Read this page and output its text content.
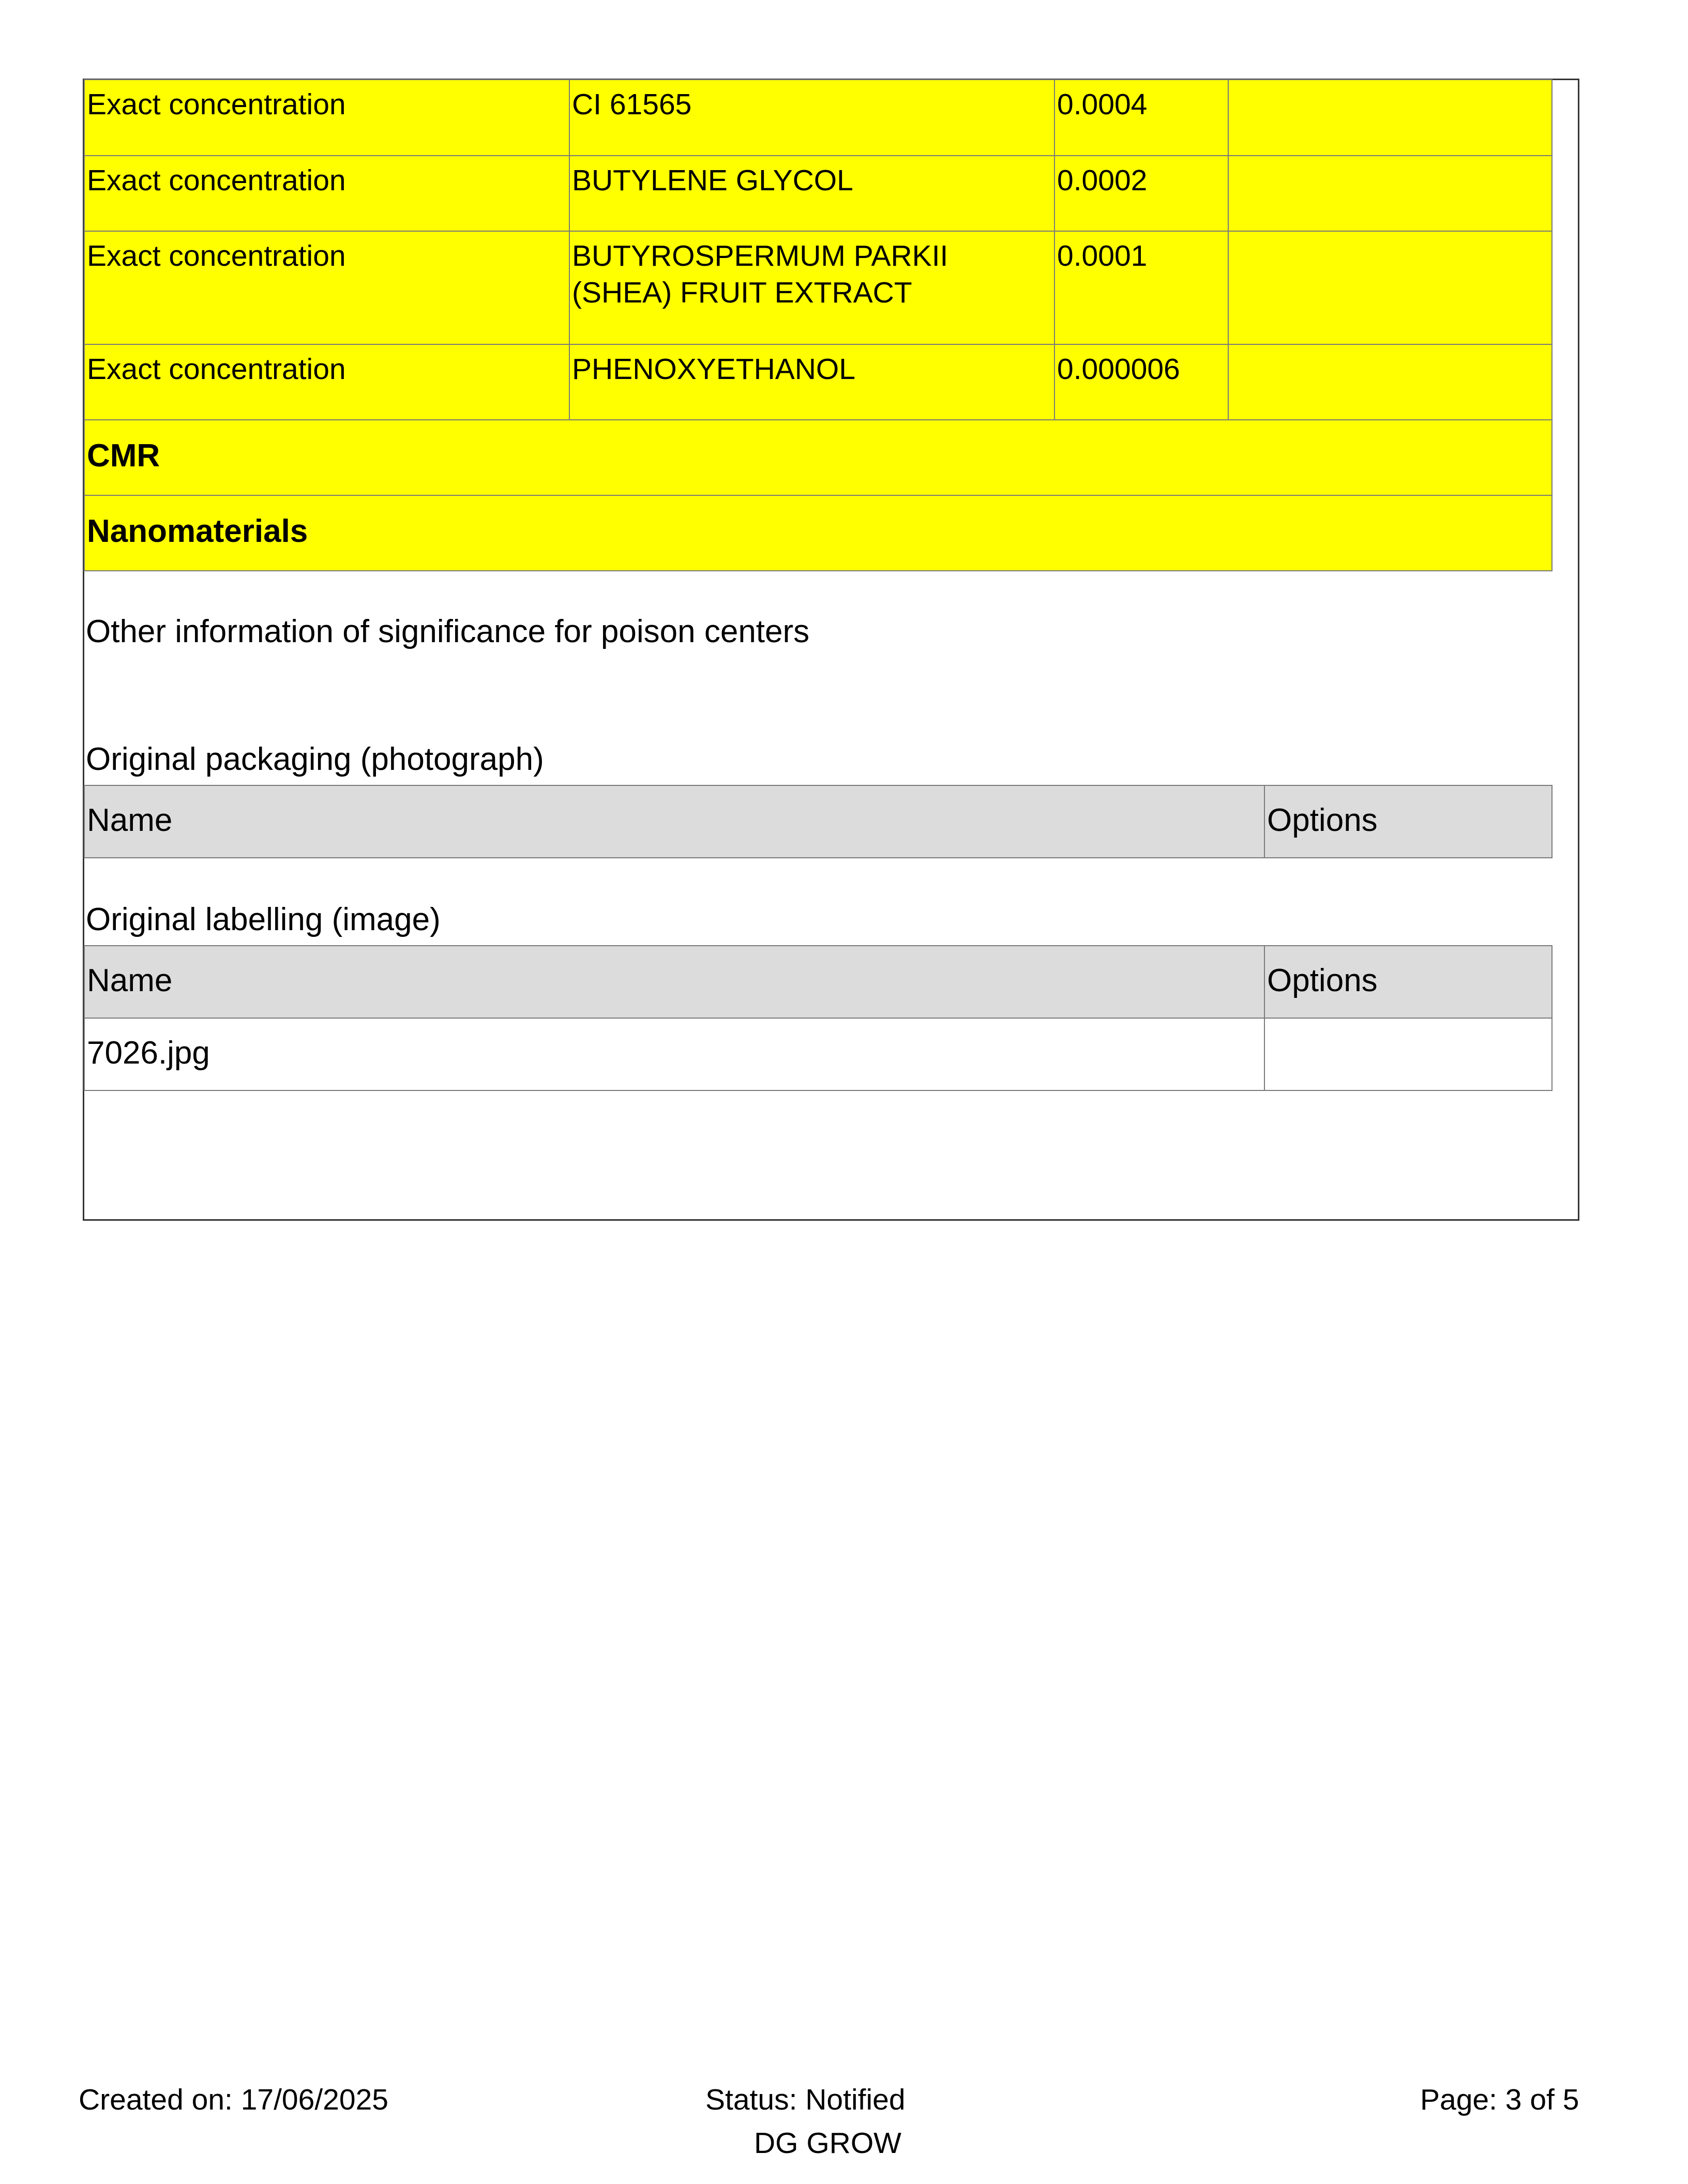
Exact concentration	CI 61565	0.0004	
Exact concentration	BUTYLENE GLYCOL	0.0002	
Exact concentration	BUTYROSPERMUM PARKII (SHEA) FRUIT EXTRACT	0.0001	
Exact concentration	PHENOXYETHANOL	0.000006	
CMR			
Nanomaterials			
Other information of significance for poison centers
Original packaging (photograph)
Name	Options
Original labelling (image)
Name	Options
7026.jpg	
Created on: 17/06/2025	Status: Notified
DG GROW
Page: 3 of 5
